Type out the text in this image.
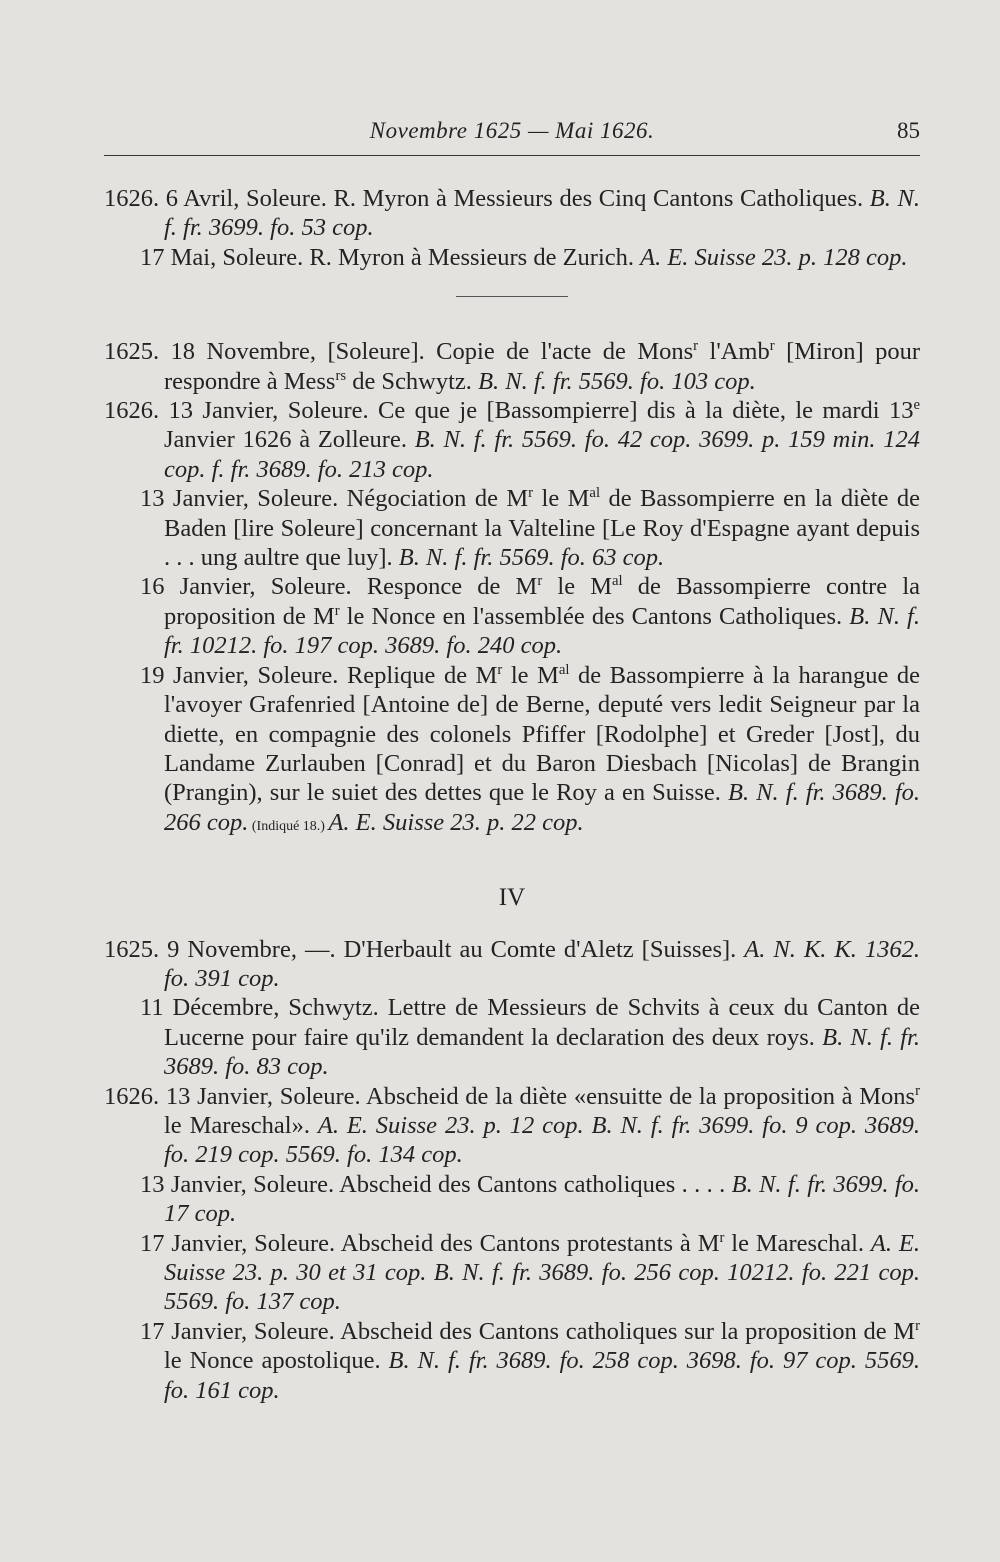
Novembre 1625 — Mai 1626.	85

1626. 6 Avril, Soleure. R. Myron à Messieurs des Cinq Cantons Catholiques. B. N. f. fr. 3699. fo. 53 cop.

17 Mai, Soleure. R. Myron à Messieurs de Zurich. A. E. Suisse 23. p. 128 cop.

1625. 18 Novembre, [Soleure]. Copie de l'acte de Mons$^r$ l'Amb$^r$ [Miron] pour respondre à Mess$^{rs}$ de Schwytz. B. N. f. fr. 5569. fo. 103 cop.

1626. 13 Janvier, Soleure. Ce que je [Bassompierre] dis à la diète, le mardi 13e Janvier 1626 à Zolleure. B. N. f. fr. 5569. fo. 42 cop. 3699. p. 159 min. 124 cop. f. fr. 3689. fo. 213 cop.

13 Janvier, Soleure. Négociation de $M^r$ le $M^{al}$ de Bassompierre en la diète de Baden [lire Soleure] concernant la Valteline [Le Roy d'Espagne ayant depuis . . . ung aultre que luy]. B. N. f. fr. 5569. fo. 63 cop.

16 Janvier, Soleure. Responce de $M^r$ le $M^{al}$ de Bassompierre contre la proposition de $M^r$ le Nonce en l'assemblée des Cantons Catholiques. B. N. f. fr. 10212. fo. 197 cop. 3689. fo. 240 cop.

19 Janvier, Soleure. Replique de $M^r$ le $M^{al}$ de Bassompierre à la harangue de l'avoyer Grafenried [Antoine de] de Berne, deputé vers ledit Seigneur par la diette, en compagnie des colonels Pfiffer [Rodolphe] et Greder [Jost], du Landame Zurlauben [Conrad] et du Baron Diesbach [Nicolas] de Brangin (Prangin), sur le suiet des dettes que le Roy a en Suisse. B. N. f. fr. 3689. fo. 266 cop. (Indiqué 18.) A. E. Suisse 23. p. 22 cop.

IV

1625. 9 Novembre, —. D'Herbault au Comte d'Aletz [Suisses]. A. N. K. K. 1362. fo. 391 cop.

11 Décembre, Schwytz. Lettre de Messieurs de Schvits à ceux du Canton de Lucerne pour faire qu'ilz demandent la declaration des deux roys. B. N. f. fr. 3689. fo. 83 cop.

1626. 13 Janvier, Soleure. Abscheid de la diète «ensuitte de la proposition à Mons$^r$ le Mareschal». A. E. Suisse 23. p. 12 cop. B. N. f. fr. 3699. fo. 9 cop. 3689. fo. 219 cop. 5569. fo. 134 cop.

13 Janvier, Soleure. Abscheid des Cantons catholiques . . . . B. N. f. fr. 3699. fo. 17 cop.

17 Janvier, Soleure. Abscheid des Cantons protestants à $M^r$ le Mareschal. A. E. Suisse 23. p. 30 et 31 cop. B. N. f. fr. 3689. fo. 256 cop. 10212. fo. 221 cop. 5569. fo. 137 cop.

17 Janvier, Soleure. Abscheid des Cantons catholiques sur la proposition de $M^r$ le Nonce apostolique. B. N. f. fr. 3689. fo. 258 cop. 3698. fo. 97 cop. 5569. fo. 161 cop.
